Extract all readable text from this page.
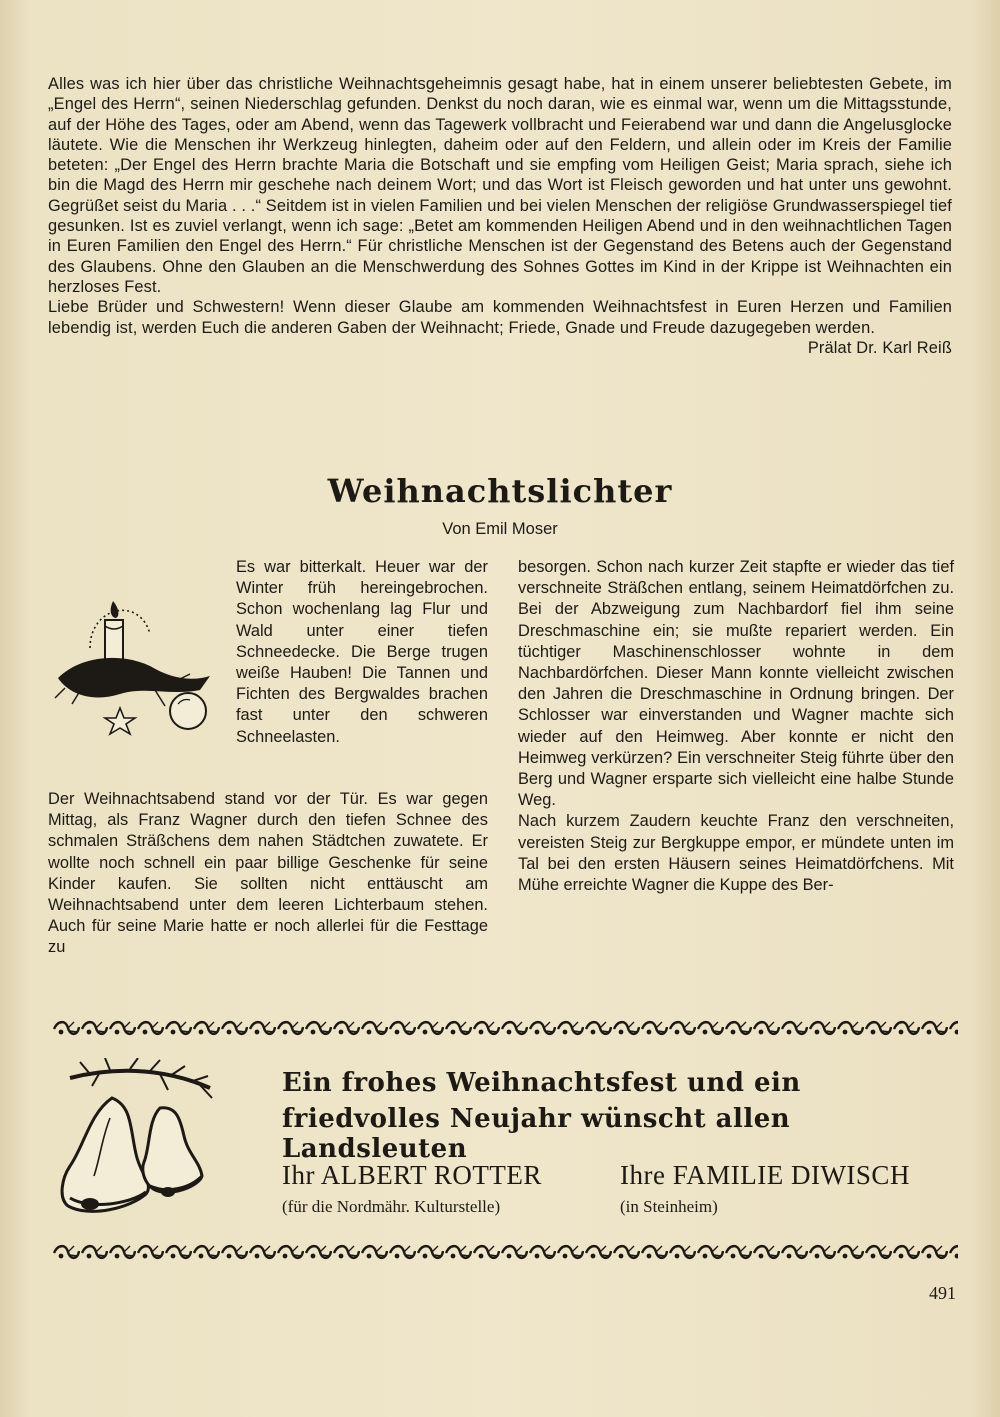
Alles was ich hier über das christliche Weihnachtsgeheimnis gesagt habe, hat in einem unserer beliebtesten Gebete, im „Engel des Herrn“, seinen Niederschlag gefunden. Denkst du noch daran, wie es einmal war, wenn um die Mittagsstunde, auf der Höhe des Tages, oder am Abend, wenn das Tagewerk vollbracht und Feierabend war und dann die Angelusglocke läutete. Wie die Menschen ihr Werkzeug hinlegten, daheim oder auf den Feldern, und allein oder im Kreis der Familie beteten: „Der Engel des Herrn brachte Maria die Botschaft und sie empfing vom Heiligen Geist; Maria sprach, siehe ich bin die Magd des Herrn mir geschehe nach deinem Wort; und das Wort ist Fleisch geworden und hat unter uns gewohnt. Gegrüßet seist du Maria . . .“ Seitdem ist in vielen Familien und bei vielen Menschen der religiöse Grundwasserspiegel tief gesunken. Ist es zuviel verlangt, wenn ich sage: „Betet am kommenden Heiligen Abend und in den weihnachtlichen Tagen in Euren Familien den Engel des Herrn.“ Für christliche Menschen ist der Gegenstand des Betens auch der Gegenstand des Glaubens. Ohne den Glauben an die Menschwerdung des Sohnes Gottes im Kind in der Krippe ist Weihnachten ein herzloses Fest.

Liebe Brüder und Schwestern! Wenn dieser Glaube am kommenden Weihnachtsfest in Euren Herzen und Familien lebendig ist, werden Euch die anderen Gaben der Weihnacht; Friede, Gnade und Freude dazugegeben werden.

Prälat Dr. Karl Reiß

Weihnachtslichter
Von Emil Moser

Es war bitterkalt. Heuer war der Winter früh hereingebrochen. Schon wochenlang lag Flur und Wald unter einer tiefen Schneedecke. Die Berge trugen weiße Hauben! Die Tannen und Fichten des Bergwaldes brachen fast unter den schweren Schneelasten.

Der Weihnachtsabend stand vor der Tür. Es war gegen Mittag, als Franz Wagner durch den tiefen Schnee des schmalen Sträßchens dem nahen Städtchen zuwatete. Er wollte noch schnell ein paar billige Geschenke für seine Kinder kaufen. Sie sollten nicht enttäuscht am Weihnachtsabend unter dem leeren Lichterbaum stehen. Auch für seine Marie hatte er noch allerlei für die Festtage zu

besorgen. Schon nach kurzer Zeit stapfte er wieder das tief verschneite Sträßchen entlang, seinem Heimatdörfchen zu. Bei der Abzweigung zum Nachbardorf fiel ihm seine Dreschmaschine ein; sie mußte repariert werden. Ein tüchtiger Maschinenschlosser wohnte in dem Nachbardörfchen. Dieser Mann konnte vielleicht zwischen den Jahren die Dreschmaschine in Ordnung bringen. Der Schlosser war einverstanden und Wagner machte sich wieder auf den Heimweg. Aber konnte er nicht den Heimweg verkürzen? Ein verschneiter Steig führte über den Berg und Wagner ersparte sich vielleicht eine halbe Stunde Weg.

Nach kurzem Zaudern keuchte Franz den verschneiten, vereisten Steig zur Bergkuppe empor, er mündete unten im Tal bei den ersten Häusern seines Heimatdörfchens. Mit Mühe erreichte Wagner die Kuppe des Ber-

Ein frohes Weihnachtsfest und ein
friedvolles Neujahr wünscht allen Landsleuten
Ihr ALBERT ROTTER
(für die Nordmähr. Kulturstelle)
Ihre FAMILIE DIWISCH
(in Steinheim)
491
